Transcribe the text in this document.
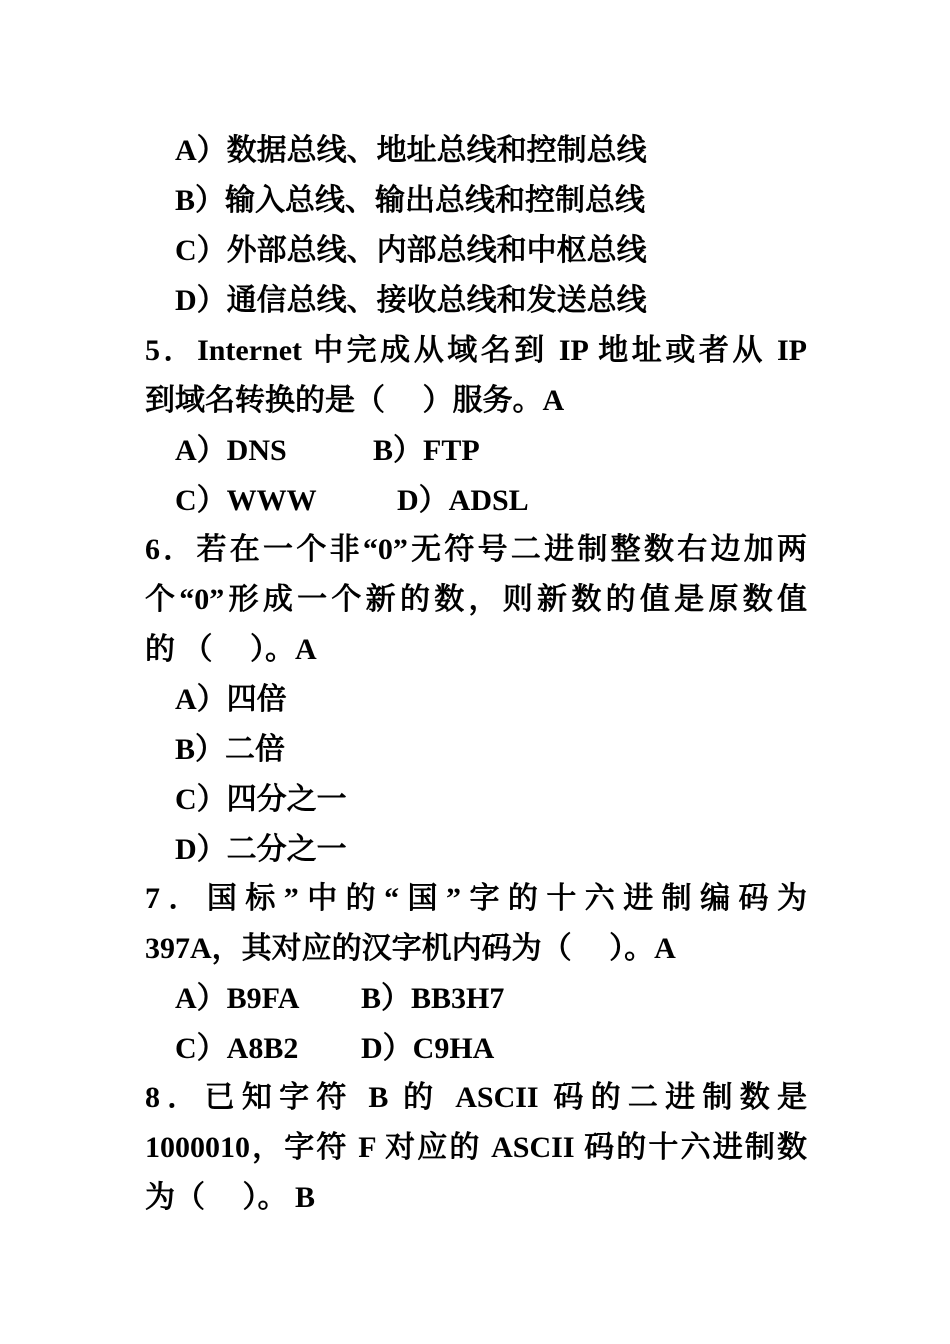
A）数据总线、地址总线和控制总线
B）输入总线、输出总线和控制总线
C）外部总线、内部总线和中枢总线
D）通信总线、接收总线和发送总线
5．Internet 中完成从域名到 IP 地址或者从 IP
到域名转换的是（　 ）服务。A
A）DNS	B）FTP
C）WWW	D）ADSL
6．若在一个非“0”无符号二进制整数右边加两
个“0”形成一个新的数，则新数的值是原数值
的 （　 ）。A
A）四倍
B）二倍
C）四分之一
D）二分之一
7．国标”中的“国”字的十六进制编码为
397A，其对应的汉字机内码为（　 ）。A
A）B9FA B）BB3H7
C）A8B2 D）C9HA
8．已知字符 B 的 ASCII 码的二进制数是
1000010，字符 F 对应的 ASCII 码的十六进制数
为（　 ）。 B
